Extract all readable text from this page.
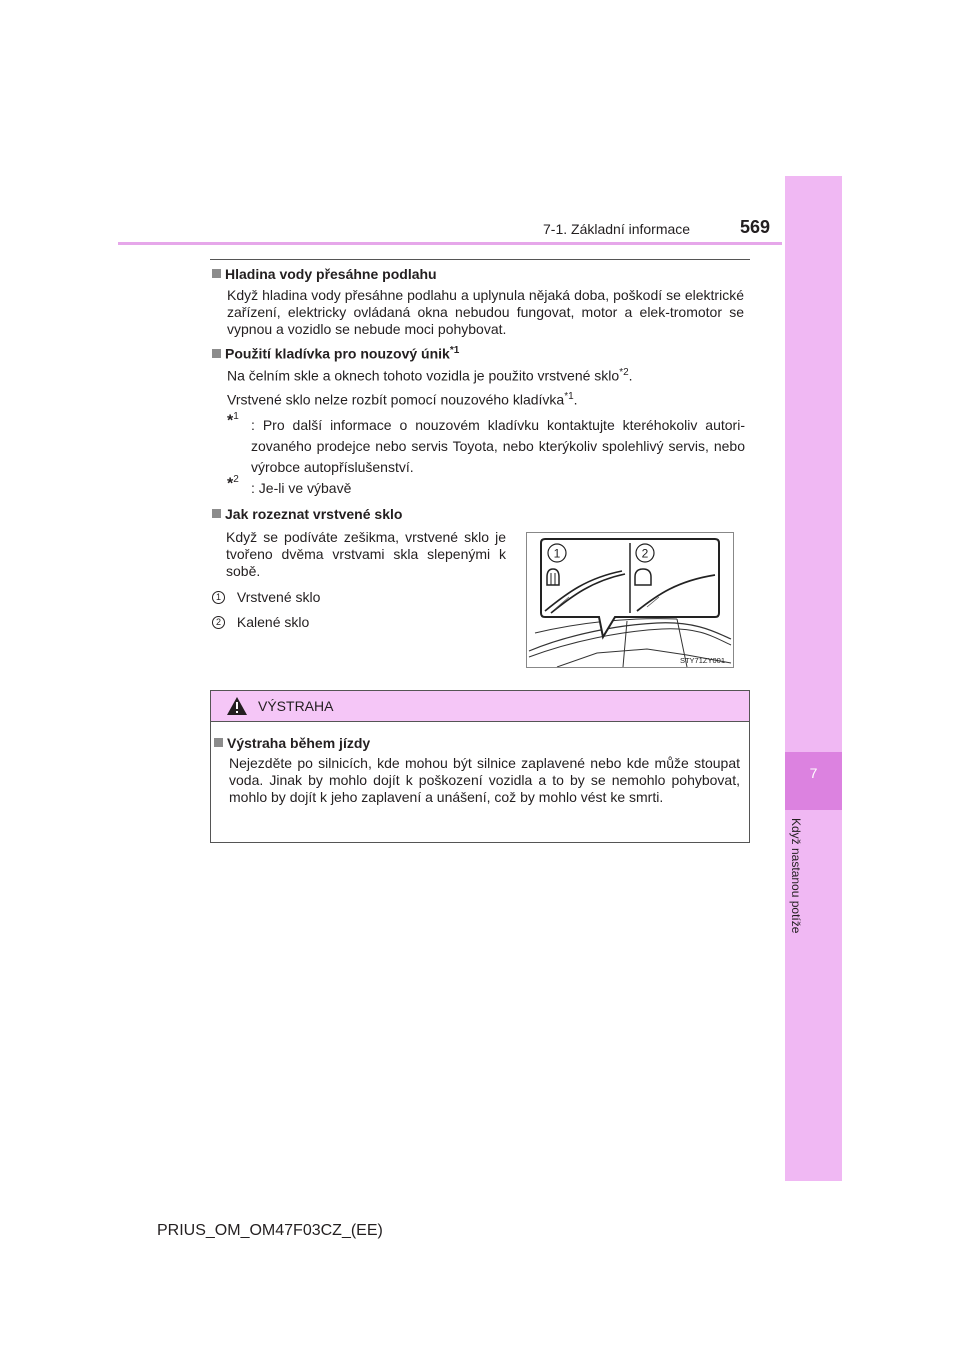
7
Když nastanou potíže
7-1. Základní informace	569
Hladina vody přesáhne podlahu
Když hladina vody přesáhne podlahu a uplynula nějaká doba, poškodí se elektrické zařízení, elektricky ovládaná okna nebudou fungovat, motor a elek-tromotor se vypnou a vozidlo se nebude moci pohybovat.
Použití kladívka pro nouzový únik$^{*1}$
Na čelním skle a oknech tohoto vozidla je použito vrstvené sklo$^{*2}$.
Vrstvené sklo nelze rozbít pomocí nouzového kladívka$^{*1}$.
*$^1$
: Pro další informace o nouzovém kladívku kontaktujte kteréhokoliv autori-zovaného prodejce nebo servis Toyota, nebo kterýkoliv spolehlivý servis, nebo výrobce autopříslušenství.
*$^2$
: Je-li ve výbavě
Jak rozeznat vrstvené sklo
Když se podíváte zešikma, vrstvené sklo je tvořeno dvěma vrstvami skla slepenými k sobě.
1 Vrstvené sklo
2 Kalené sklo
1	2
STY71ZY001
VÝSTRAHA
Výstraha během jízdy
Nejezděte po silnicích, kde mohou být silnice zaplavené nebo kde může stoupat voda. Jinak by mohlo dojít k poškození vozidla a to by se nemohlo pohybovat, mohlo by dojít k jeho zaplavení a unášení, což by mohlo vést ke smrti.
PRIUS_OM_OM47F03CZ_(EE)
